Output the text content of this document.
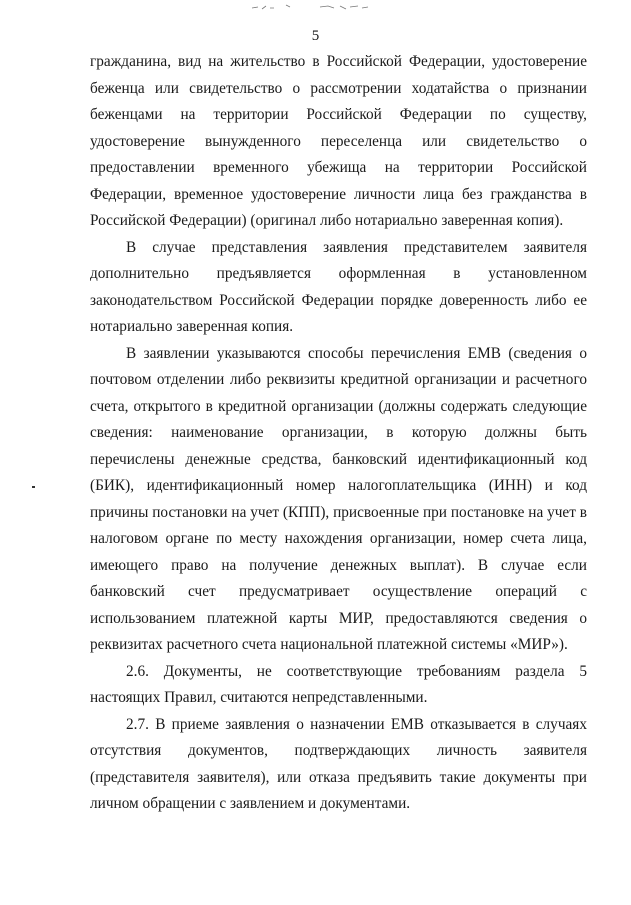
5

гражданина, вид на жительство в Российской Федерации, удостоверение беженца или свидетельство о рассмотрении ходатайства о признании беженцами на территории Российской Федерации по существу, удостоверение вынужденного переселенца или свидетельство о предоставлении временного убежища на территории Российской Федерации, временное удостоверение личности лица без гражданства в Российской Федерации) (оригинал либо нотариально заверенная копия).

В случае представления заявления представителем заявителя дополнительно предъявляется оформленная в установленном законодательством Российской Федерации порядке доверенность либо ее нотариально заверенная копия.

В заявлении указываются способы перечисления ЕМВ (сведения о почтовом отделении либо реквизиты кредитной организации и расчетного счета, открытого в кредитной организации (должны содержать следующие сведения: наименование организации, в которую должны быть перечислены денежные средства, банковский идентификационный код (БИК), идентификационный номер налогоплательщика (ИНН) и код причины постановки на учет (КПП), присвоенные при постановке на учет в налоговом органе по месту нахождения организации, номер счета лица, имеющего право на получение денежных выплат). В случае если банковский счет предусматривает осуществление операций с использованием платежной карты МИР, предоставляются сведения о реквизитах расчетного счета национальной платежной системы «МИР»).

2.6. Документы, не соответствующие требованиям раздела 5 настоящих Правил, считаются непредставленными.

2.7. В приеме заявления о назначении ЕМВ отказывается в случаях отсутствия документов, подтверждающих личность заявителя (представителя заявителя), или отказа предъявить такие документы при личном обращении с заявлением и документами.
